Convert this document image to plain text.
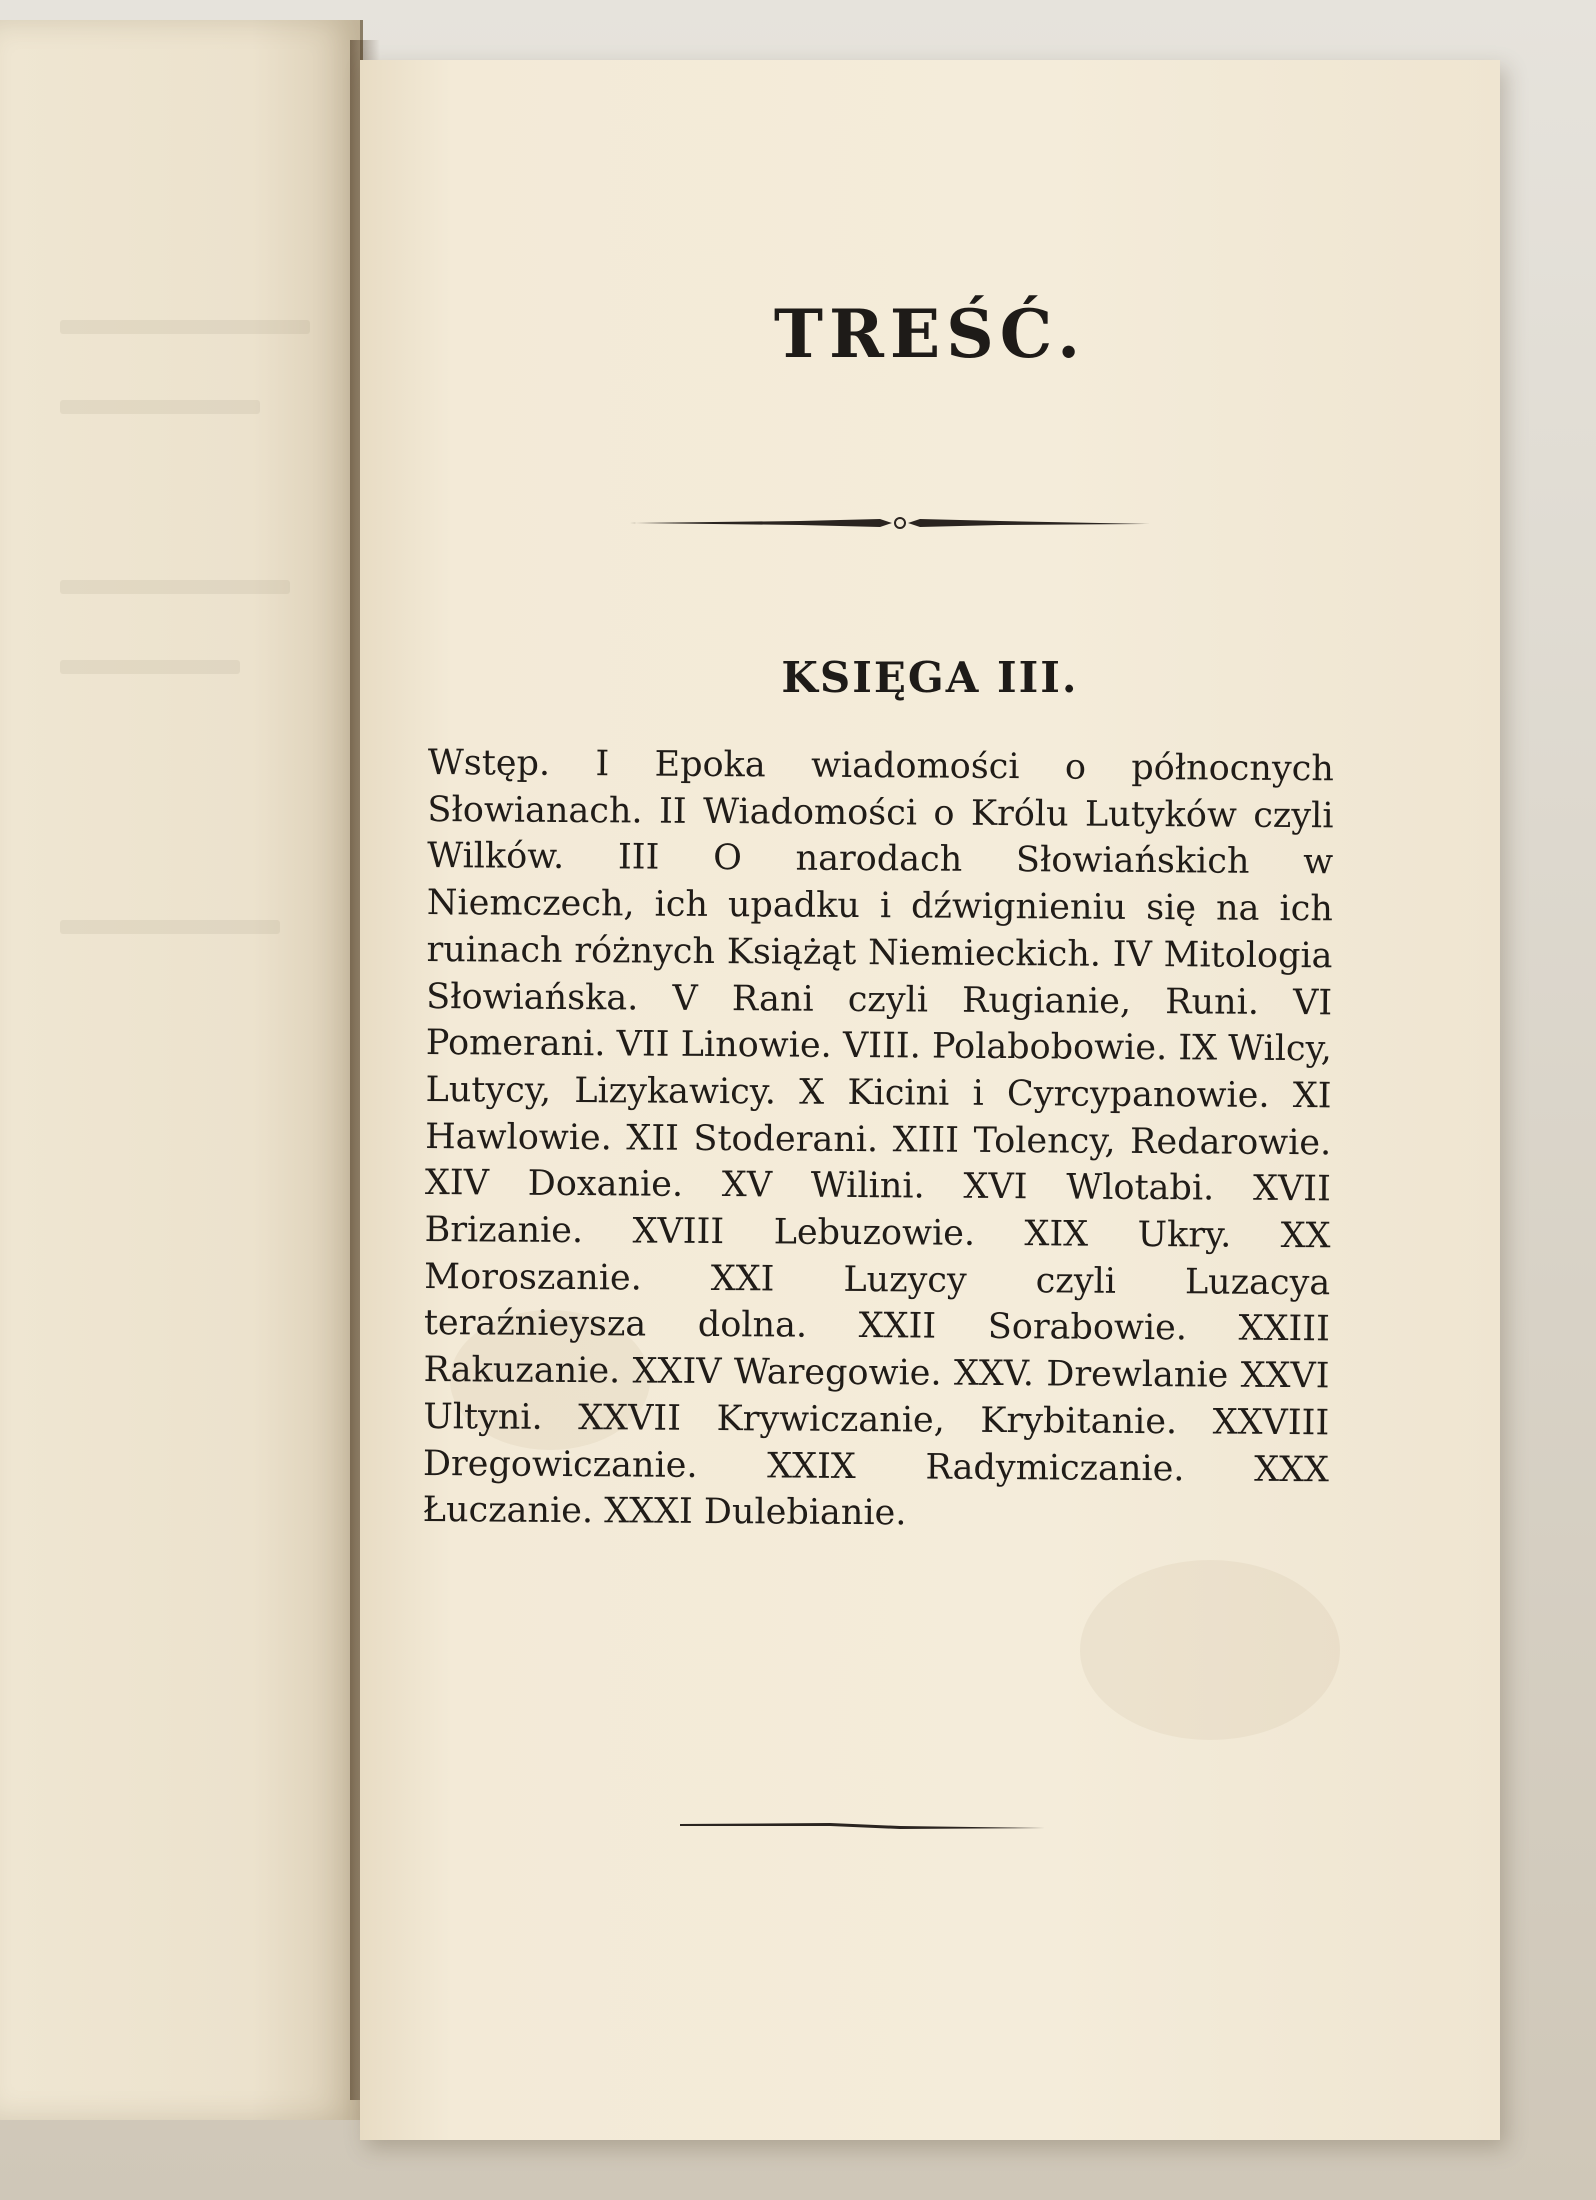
TREŚĆ.
KSIĘGA III.

Wstęp. I Epoka wiadomości o północnych Słowianach. II Wiadomości o Królu Lutyków czyli Wilków. III O narodach Słowiańskich w Niemczech, ich upadku i dźwignieniu się na ich ruinach różnych Książąt Niemieckich. IV Mitologia Słowiańska. V Rani czyli Rugianie, Runi. VI Pomerani. VII Linowie. VIII. Polabobowie. IX Wilcy, Lutycy, Lizykawicy. X Kicini i Cyrcypanowie. XI Hawlowie. XII Stoderani. XIII Tolency, Redarowie. XIV Doxanie. XV Wilini. XVI Wlotabi. XVII Brizanie. XVIII Lebuzowie. XIX Ukry. XX Moroszanie. XXI Luzycy czyli Luzacya teraźnieysza dolna. XXII Sorabowie. XXIII Rakuzanie. XXIV Waregowie. XXV. Drewlanie XXVI Ultyni. XXVII Krywiczanie, Krybitanie. XXVIII Dregowiczanie. XXIX Radymiczanie. XXX Łuczanie. XXXI Dulebianie.
